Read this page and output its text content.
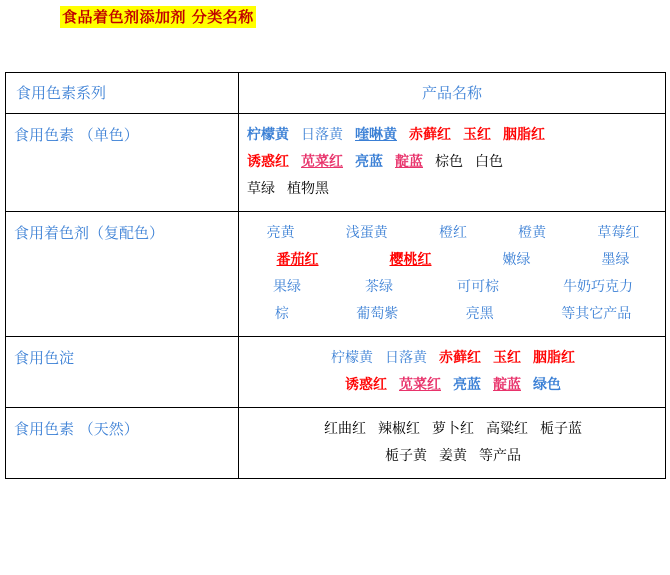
食品着色剂添加剂 分类名称
食用色素系列	产品名称

食用色素 （单色）	柠檬黄 日落黄 喹啉黄 赤藓红 玉红 胭脂红
诱惑红 苋菜红 亮蓝 靛蓝 棕色 白色
草绿 植物黑

食用着色剂（复配色）	亮黄	浅蛋黄	橙红	橙黄	草莓红
番茄红	樱桃红	嫩绿	墨绿
果绿	茶绿	可可棕	牛奶巧克力
棕	葡萄紫	亮黑	等其它产品

食用色淀	柠檬黄 日落黄 赤藓红 玉红 胭脂红
诱惑红 苋菜红 亮蓝 靛蓝 绿色

食用色素 （天然）	红曲红 辣椒红 萝卜红 高粱红 栀子蓝
栀子黄 姜黄 等产品
